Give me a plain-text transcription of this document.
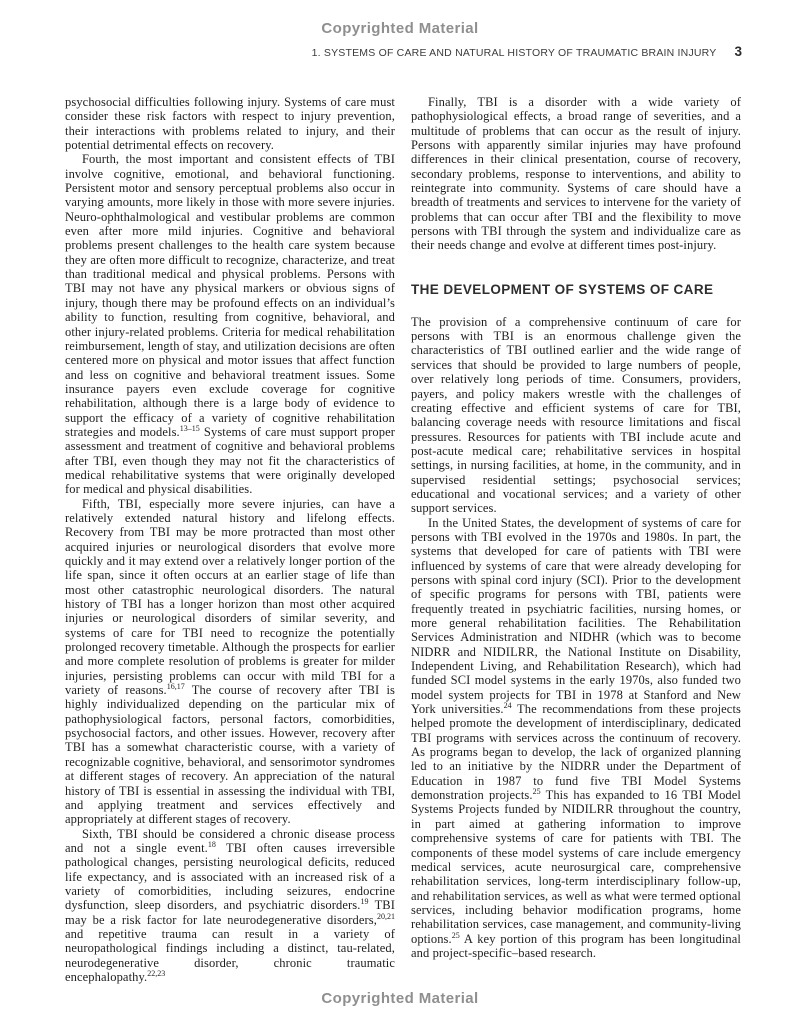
Copyrighted Material
1. SYSTEMS OF CARE AND NATURAL HISTORY OF TRAUMATIC BRAIN INJURY 3

psychosocial difficulties following injury. Systems of care must consider these risk factors with respect to injury prevention, their interactions with problems related to injury, and their potential detrimental effects on recovery.

Fourth, the most important and consistent effects of TBI involve cognitive, emotional, and behavioral functioning. Persistent motor and sensory perceptual problems also occur in varying amounts, more likely in those with more severe injuries. Neuro-ophthalmological and vestibular problems are common even after more mild injuries. Cognitive and behavioral problems present challenges to the health care system because they are often more difficult to recognize, characterize, and treat than traditional medical and physical problems. Persons with TBI may not have any physical markers or obvious signs of injury, though there may be profound effects on an individual’s ability to function, resulting from cognitive, behavioral, and other injury-related problems. Criteria for medical rehabilitation reimbursement, length of stay, and utilization decisions are often centered more on physical and motor issues that affect function and less on cognitive and behavioral treatment issues. Some insurance payers even exclude coverage for cognitive rehabilitation, although there is a large body of evidence to support the efficacy of a variety of cognitive rehabilitation strategies and models.$^{13-15}$ Systems of care must support proper assessment and treatment of cognitive and behavioral problems after TBI, even though they may not fit the characteristics of medical rehabilitative systems that were originally developed for medical and physical disabilities.

Fifth, TBI, especially more severe injuries, can have a relatively extended natural history and lifelong effects. Recovery from TBI may be more protracted than most other acquired injuries or neurological disorders that evolve more quickly and it may extend over a relatively longer portion of the life span, since it often occurs at an earlier stage of life than most other catastrophic neurological disorders. The natural history of TBI has a longer horizon than most other acquired injuries or neurological disorders of similar severity, and systems of care for TBI need to recognize the potentially prolonged recovery timetable. Although the prospects for earlier and more complete resolution of problems is greater for milder injuries, persisting problems can occur with mild TBI for a variety of reasons.$^{16,17}$ The course of recovery after TBI is highly individualized depending on the particular mix of pathophysiological factors, personal factors, comorbidities, psychosocial factors, and other issues. However, recovery after TBI has a somewhat characteristic course, with a variety of recognizable cognitive, behavioral, and sensorimotor syndromes at different stages of recovery. An appreciation of the natural history of TBI is essential in assessing the individual with TBI, and applying treatment and services effectively and appropriately at different stages of recovery.

Sixth, TBI should be considered a chronic disease process and not a single event.$^{18}$ TBI often causes irreversible pathological changes, persisting neurological deficits, reduced life expectancy, and is associated with an increased risk of a variety of comorbidities, including seizures, endocrine dysfunction, sleep disorders, and psychiatric disorders.$^{19}$ TBI may be a risk factor for late neurodegenerative disorders,$^{20,21}$ and repetitive trauma can result in a variety of neuropathological findings including a distinct, tau-related, neurodegenerative disorder, chronic traumatic encephalopathy.$^{22,23}$

Finally, TBI is a disorder with a wide variety of pathophysiological effects, a broad range of severities, and a multitude of problems that can occur as the result of injury. Persons with apparently similar injuries may have profound differences in their clinical presentation, course of recovery, secondary problems, response to interventions, and ability to reintegrate into community. Systems of care should have a breadth of treatments and services to intervene for the variety of problems that can occur after TBI and the flexibility to move persons with TBI through the system and individualize care as their needs change and evolve at different times post-injury.

THE DEVELOPMENT OF SYSTEMS OF CARE

The provision of a comprehensive continuum of care for persons with TBI is an enormous challenge given the characteristics of TBI outlined earlier and the wide range of services that should be provided to large numbers of people, over relatively long periods of time. Consumers, providers, payers, and policy makers wrestle with the challenges of creating effective and efficient systems of care for TBI, balancing coverage needs with resource limitations and fiscal pressures. Resources for patients with TBI include acute and post-acute medical care; rehabilitative services in hospital settings, in nursing facilities, at home, in the community, and in supervised residential settings; psychosocial services; educational and vocational services; and a variety of other support services.

In the United States, the development of systems of care for persons with TBI evolved in the 1970s and 1980s. In part, the systems that developed for care of patients with TBI were influenced by systems of care that were already developing for persons with spinal cord injury (SCI). Prior to the development of specific programs for persons with TBI, patients were frequently treated in psychiatric facilities, nursing homes, or more general rehabilitation facilities. The Rehabilitation Services Administration and NIDHR (which was to become NIDRR and NIDILRR, the National Institute on Disability, Independent Living, and Rehabilitation Research), which had funded SCI model systems in the early 1970s, also funded two model system projects for TBI in 1978 at Stanford and New York universities.$^{24}$ The recommendations from these projects helped promote the development of interdisciplinary, dedicated TBI programs with services across the continuum of recovery. As programs began to develop, the lack of organized planning led to an initiative by the NIDRR under the Department of Education in 1987 to fund five TBI Model Systems demonstration projects.$^{25}$ This has expanded to 16 TBI Model Systems Projects funded by NIDILRR throughout the country, in part aimed at gathering information to improve comprehensive systems of care for patients with TBI. The components of these model systems of care include emergency medical services, acute neurosurgical care, comprehensive rehabilitation services, long-term interdisciplinary follow-up, and rehabilitation services, as well as what were termed optional services, including behavior modification programs, home rehabilitation services, case management, and community-living options.$^{25}$ A key portion of this program has been longitudinal and project-specific–based research.

Copyrighted Material
